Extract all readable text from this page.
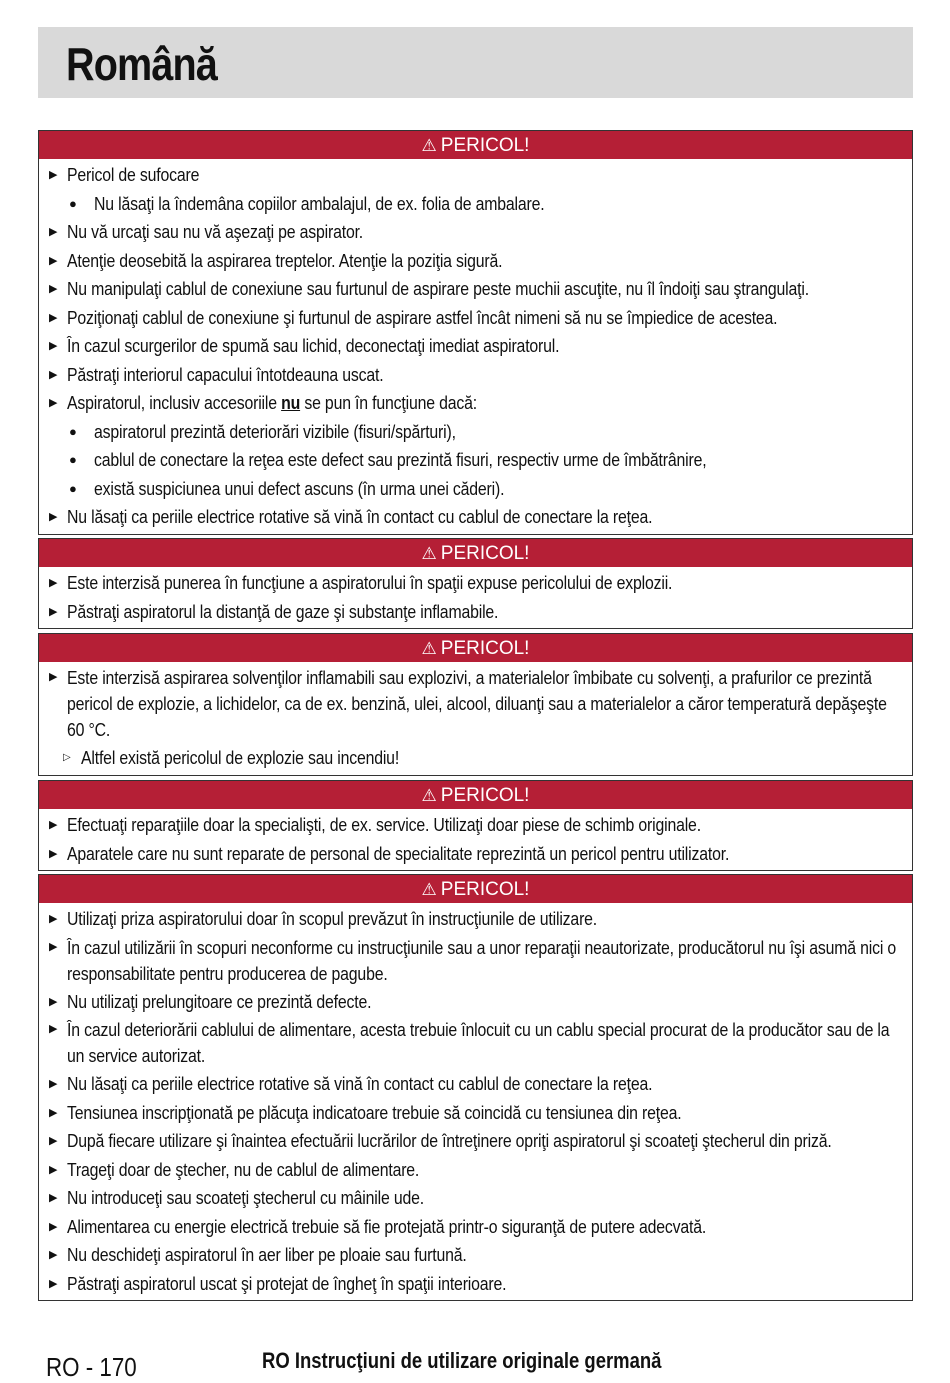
Română
⚠ PERICOL!
▶ Pericol de sufocare
● Nu lăsaţi la îndemâna copiilor ambalajul, de ex. folia de ambalare.
▶ Nu vă urcaţi sau nu vă aşezaţi pe aspirator.
▶ Atenţie deosebită la aspirarea treptelor. Atenţie la poziţia sigură.
▶ Nu manipulaţi cablul de conexiune sau furtunul de aspirare peste muchii ascuţite, nu îl îndoiţi sau ştrangulaţi.
▶ Poziţionaţi cablul de conexiune şi furtunul de aspirare astfel încât nimeni să nu se împiedice de acestea.
▶ În cazul scurgerilor de spumă sau lichid, deconectaţi imediat aspiratorul.
▶ Păstraţi interiorul capacului întotdeauna uscat.
▶ Aspiratorul, inclusiv accesoriile nu se pun în funcţiune dacă:
● aspiratorul prezintă deteriorări vizibile (fisuri/spărturi),
● cablul de conectare la reţea este defect sau prezintă fisuri, respectiv urme de îmbătrânire,
● există suspiciunea unui defect ascuns (în urma unei căderi).
▶ Nu lăsaţi ca periile electrice rotative să vină în contact cu cablul de conectare la reţea.
⚠ PERICOL!
▶ Este interzisă punerea în funcţiune a aspiratorului în spaţii expuse pericolului de explozii.
▶ Păstraţi aspiratorul la distanţă de gaze şi substanţe inflamabile.
⚠ PERICOL!
▶ Este interzisă aspirarea solvenţilor inflamabili sau explozivi, a materialelor îmbibate cu solvenţi, a prafurilor ce prezintă pericol de explozie, a lichidelor, ca de ex. benzină, ulei, alcool, diluanţi sau a materialelor a căror temperatură depăşeşte 60 °C.
▷ Altfel există pericolul de explozie sau incendiu!
⚠ PERICOL!
▶ Efectuaţi reparaţiile doar la specialişti, de ex. service. Utilizaţi doar piese de schimb originale.
▶ Aparatele care nu sunt reparate de personal de specialitate reprezintă un pericol pentru utilizator.
⚠ PERICOL!
▶ Utilizaţi priza aspiratorului doar în scopul prevăzut în instrucţiunile de utilizare.
▶ În cazul utilizării în scopuri neconforme cu instrucţiunile sau a unor reparaţii neautorizate, producătorul nu îşi asumă nici o responsabilitate pentru producerea de pagube.
▶ Nu utilizaţi prelungitoare ce prezintă defecte.
▶ În cazul deteriorării cablului de alimentare, acesta trebuie înlocuit cu un cablu special procurat de la producător sau de la un service autorizat.
▶ Nu lăsaţi ca periile electrice rotative să vină în contact cu cablul de conectare la reţea.
▶ Tensiunea inscripţionată pe plăcuţa indicatoare trebuie să coincidă cu tensiunea din reţea.
▶ După fiecare utilizare şi înaintea efectuării lucrărilor de întreţinere opriţi aspiratorul şi scoateţi ştecherul din priză.
▶ Trageţi doar de ştecher, nu de cablul de alimentare.
▶ Nu introduceţi sau scoateţi ştecherul cu mâinile ude.
▶ Alimentarea cu energie electrică trebuie să fie protejată printr-o siguranţă de putere adecvată.
▶ Nu deschideţi aspiratorul în aer liber pe ploaie sau furtună.
▶ Păstraţi aspiratorul uscat şi protejat de îngheţ în spaţii interioare.
RO - 170	RO Instrucţiuni de utilizare originale germană
